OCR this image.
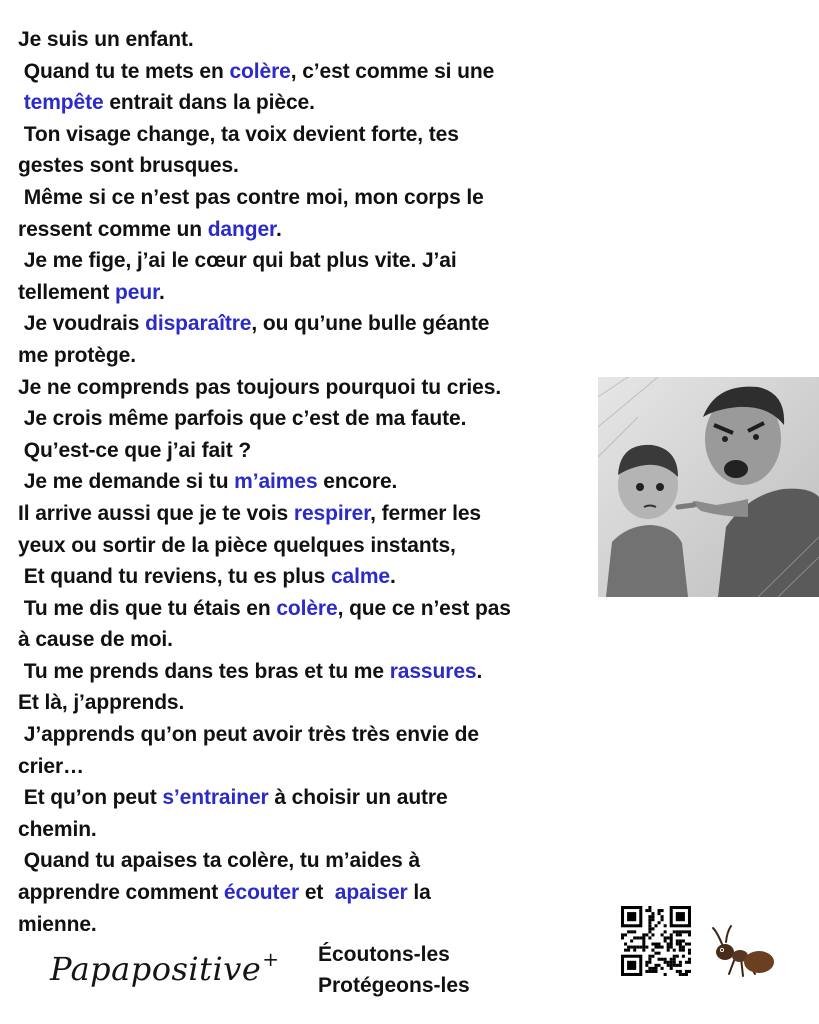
Je suis un enfant.
Quand tu te mets en colère, c’est comme si une
tempête entrait dans la pièce.
Ton visage change, ta voix devient forte, tes
gestes sont brusques.
Même si ce n’est pas contre moi, mon corps le
ressent comme un danger.
Je me fige, j’ai le cœur qui bat plus vite. J’ai
tellement peur.
Je voudrais disparaître, ou qu’une bulle géante
me protège.
Je ne comprends pas toujours pourquoi tu cries.
Je crois même parfois que c’est de ma faute.
Qu’est-ce que j’ai fait ?
Je me demande si tu m’aimes encore.
Il arrive aussi que je te vois respirer, fermer les
yeux ou sortir de la pièce quelques instants,
Et quand tu reviens, tu es plus calme.
Tu me dis que tu étais en colère, que ce n’est pas
à cause de moi.
Tu me prends dans tes bras et tu me rassures.
Et là, j’apprends.
J’apprends qu’on peut avoir très très envie de
crier…
Et qu’on peut s’entrainer à choisir un autre
chemin.
Quand tu apaises ta colère, tu m’aides à
apprendre comment écouter et  apaiser la
mienne.
Papapositive+ Écoutons-les
Protégeons-les
